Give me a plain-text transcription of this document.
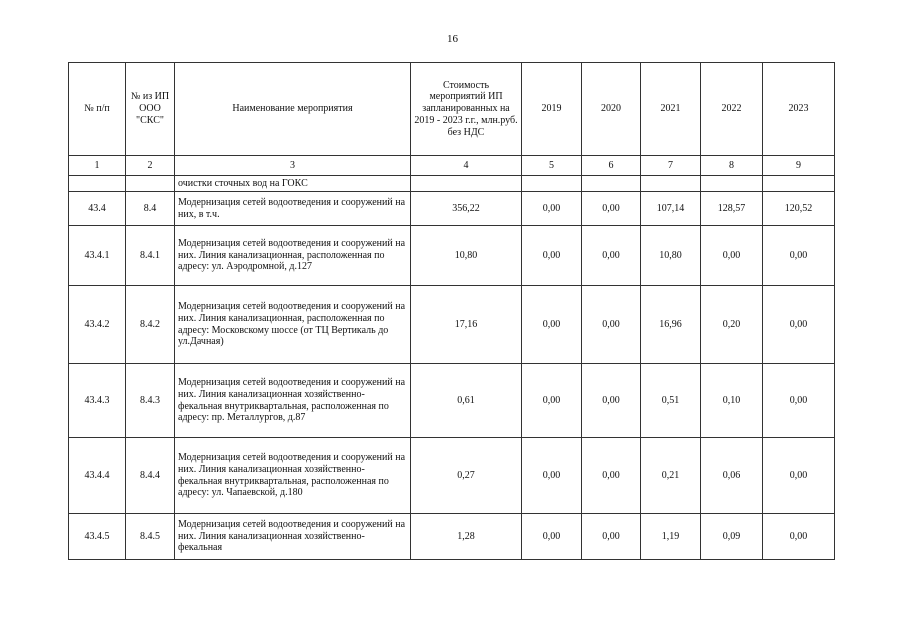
16
№ п/п	№ из ИП ООО "СКС"	Наименование мероприятия	Стоимость мероприятий ИП запланированных на 2019 - 2023 г.г., млн.руб. без НДС	2019	2020	2021	2022	2023
1	2	3	4	5	6	7	8	9
		очистки сточных вод на ГОКС						
43.4	8.4	Модернизация сетей водоотведения и сооружений на них, в т.ч.	356,22	0,00	0,00	107,14	128,57	120,52
43.4.1	8.4.1	Модернизация сетей водоотведения и сооружений на них. Линия канализационная, расположенная по адресу: ул. Аэродромной, д.127	10,80	0,00	0,00	10,80	0,00	0,00
43.4.2	8.4.2	Модернизация сетей водоотведения и сооружений на них. Линия канализационная, расположенная по адресу: Московскому шоссе (от ТЦ Вертикаль до ул.Дачная)	17,16	0,00	0,00	16,96	0,20	0,00
43.4.3	8.4.3	Модернизация сетей водоотведения и сооружений на них. Линия канализационная хозяйственно-фекальная внутриквартальная, расположенная по адресу: пр. Металлургов, д.87	0,61	0,00	0,00	0,51	0,10	0,00
43.4.4	8.4.4	Модернизация сетей водоотведения и сооружений на них. Линия канализационная хозяйственно-фекальная внутриквартальная, расположенная по адресу: ул. Чапаевской, д.180	0,27	0,00	0,00	0,21	0,06	0,00
43.4.5	8.4.5	Модернизация сетей водоотведения и сооружений на них. Линия канализационная хозяйственно-фекальная	1,28	0,00	0,00	1,19	0,09	0,00
